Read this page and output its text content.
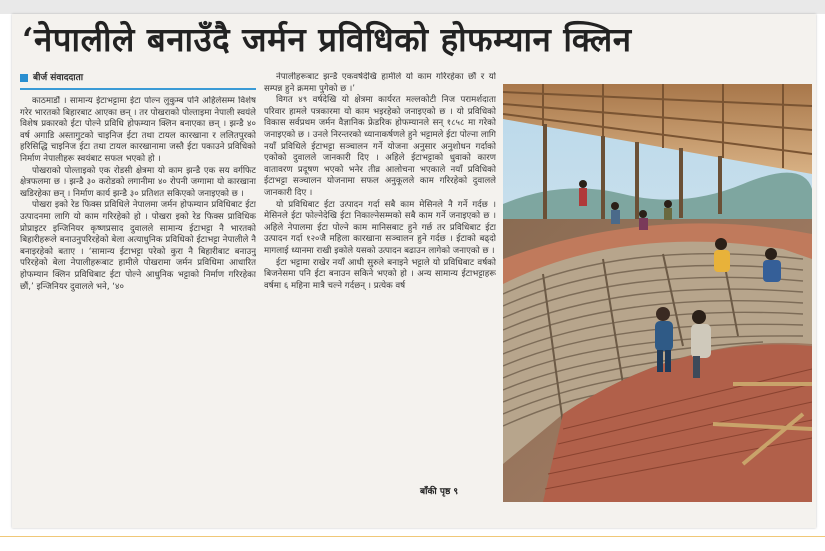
‘नेपालीले बनाउँदै जर्मन प्रविधिको होफम्यान क्लिन
बीर्ज संवाददाता

काठमाडौं । सामान्य ईटाभट्टामा ईटा पोल्न लुकुम्ब पनि अहिलेसम्म विशेष गरेर भारतको बिहारबाट आएका छन् । तर पोखराको पोल्ताइमा नेपाली स्वयंले विशेष प्रकारको ईटा पोल्ने प्रविधि होफम्यान क्लिन बनाएका छन् । झन्डै ४० वर्ष अगाडि अस्तागुटको चाइनिज ईटा तथा टायल कारखाना र ललितपुरको हरिसिद्धि चाइनिज ईटा तथा टायल कारखानामा जस्तै ईटा पकाउने प्रविधिको निर्माण नेपालीहरू स्वयंबाट सफल भएको हो ।

पोखराको पोल्ताइको एक रोडसी क्षेत्रमा यो काम झन्डै एक सय वर्गफिट क्षेत्रफलमा छ । झन्डै ३० करोडको लगानीमा ४० रोपनी जग्गामा यो कारखाना खडिरहेका छन् । निर्माण कार्य झन्डै ३० प्रतिशत सकिएको जनाइएको छ ।

पोखरा इको रेड फिक्स प्रविधिले नेपालमा जर्मन होफम्यान प्रविधिबाट ईटा उत्पादनमा लागि यो काम गरिरहेको हो । पोखरा इको रेड फिक्स प्राविधिक प्रोप्राइटर इन्जिनियर कृष्णप्रसाद दुवालले सामान्य ईटाभट्टा नै भारतको बिहारीहरूले बनाउनुपरिरहेको बेला अत्याधुनिक प्रविधिको ईटाभट्टा नेपालीले नै बनाइरहेको बताए । ‘सामान्य ईटाभट्टा परेको कुरा नै बिहारीबाट बनाउनु परिरहेको बेला नेपालीहरूबाट हामीले पोखरामा जर्मन प्रविधिमा आधारित होफम्यान क्लिन प्रविधिबाट ईटा पोल्ने आधुनिक भट्टाको निर्माण गरिरहेका छौं,’ इन्जिनियर दुवालले भने, ‘४०

नेपालीहरूबाट झन्डै एकवर्षदेखि हामीले यो काम गरिरहेका छौं र यो सम्पन्न हुने क्रममा पुगेको छ ।’

विगत ४९ वर्षदेखि यो क्षेत्रमा कार्यरत मल्लकोटी निज परामर्शदाता परिवार हामले पत्रकारमा यो काम भइरहेको जनाइएको छ । यो प्रविधिको विकास सर्वप्रथम जर्मन वैज्ञानिक फ्रेडरिक होफम्यानले सन् १८५८ मा गरेको जनाइएको छ । उनले निरन्तरको ध्यानाकर्षणले हुने भट्टामले ईटा पोल्ना लागि नयाँ प्रविधिले ईटाभट्टा सञ्चालन गर्ने योजना अनुसार अनुशोधन गर्दाको एकोको दुवालले जानकारी दिए । अहिले ईटाभट्टाको धुवाको कारण वातावरण प्रदूषण भएको भनेर तीव्र आलोचना भएकाले नयाँ प्रविधिको ईटाभट्टा सञ्चालन योजनामा सफल अनुकूलले काम गरिरहेको दुवालले जानकारी दिए ।

यो प्रविधिबाट ईटा उत्पादन गर्दा सबै काम मेसिनले नै गर्ने गर्दछ । मेसिनले ईटा फोल्नेदेखि ईटा निकाल्नेसम्मको सबै काम गर्ने जनाइएको छ । अहिले नेपालमा ईटा पोल्ने काम मानिसबाट हुने गर्छ तर प्रविधिबाट ईटा उत्पादन गर्दा १२०जै महिला कारखाना सञ्चालन हुने गर्दछ । ईटाको बढ्दो मागलाई ध्यानमा राखी इकोले यसको उत्पादन बढाउन लागेको जनाएको छ ।

ईटा भट्टामा राखेर नयाँ आधी सुरुले बनाइने भट्टाले यो प्रविधिबाट वर्षको बिजनेसमा पनि ईटा बनाउन सकिने भएको हो । अन्य सामान्य ईटाभट्टाहरू वर्षमा ६ महिना मात्रै चल्ने गर्दछन् । प्रत्येक वर्ष

बाँकी पृष्ठ ९
